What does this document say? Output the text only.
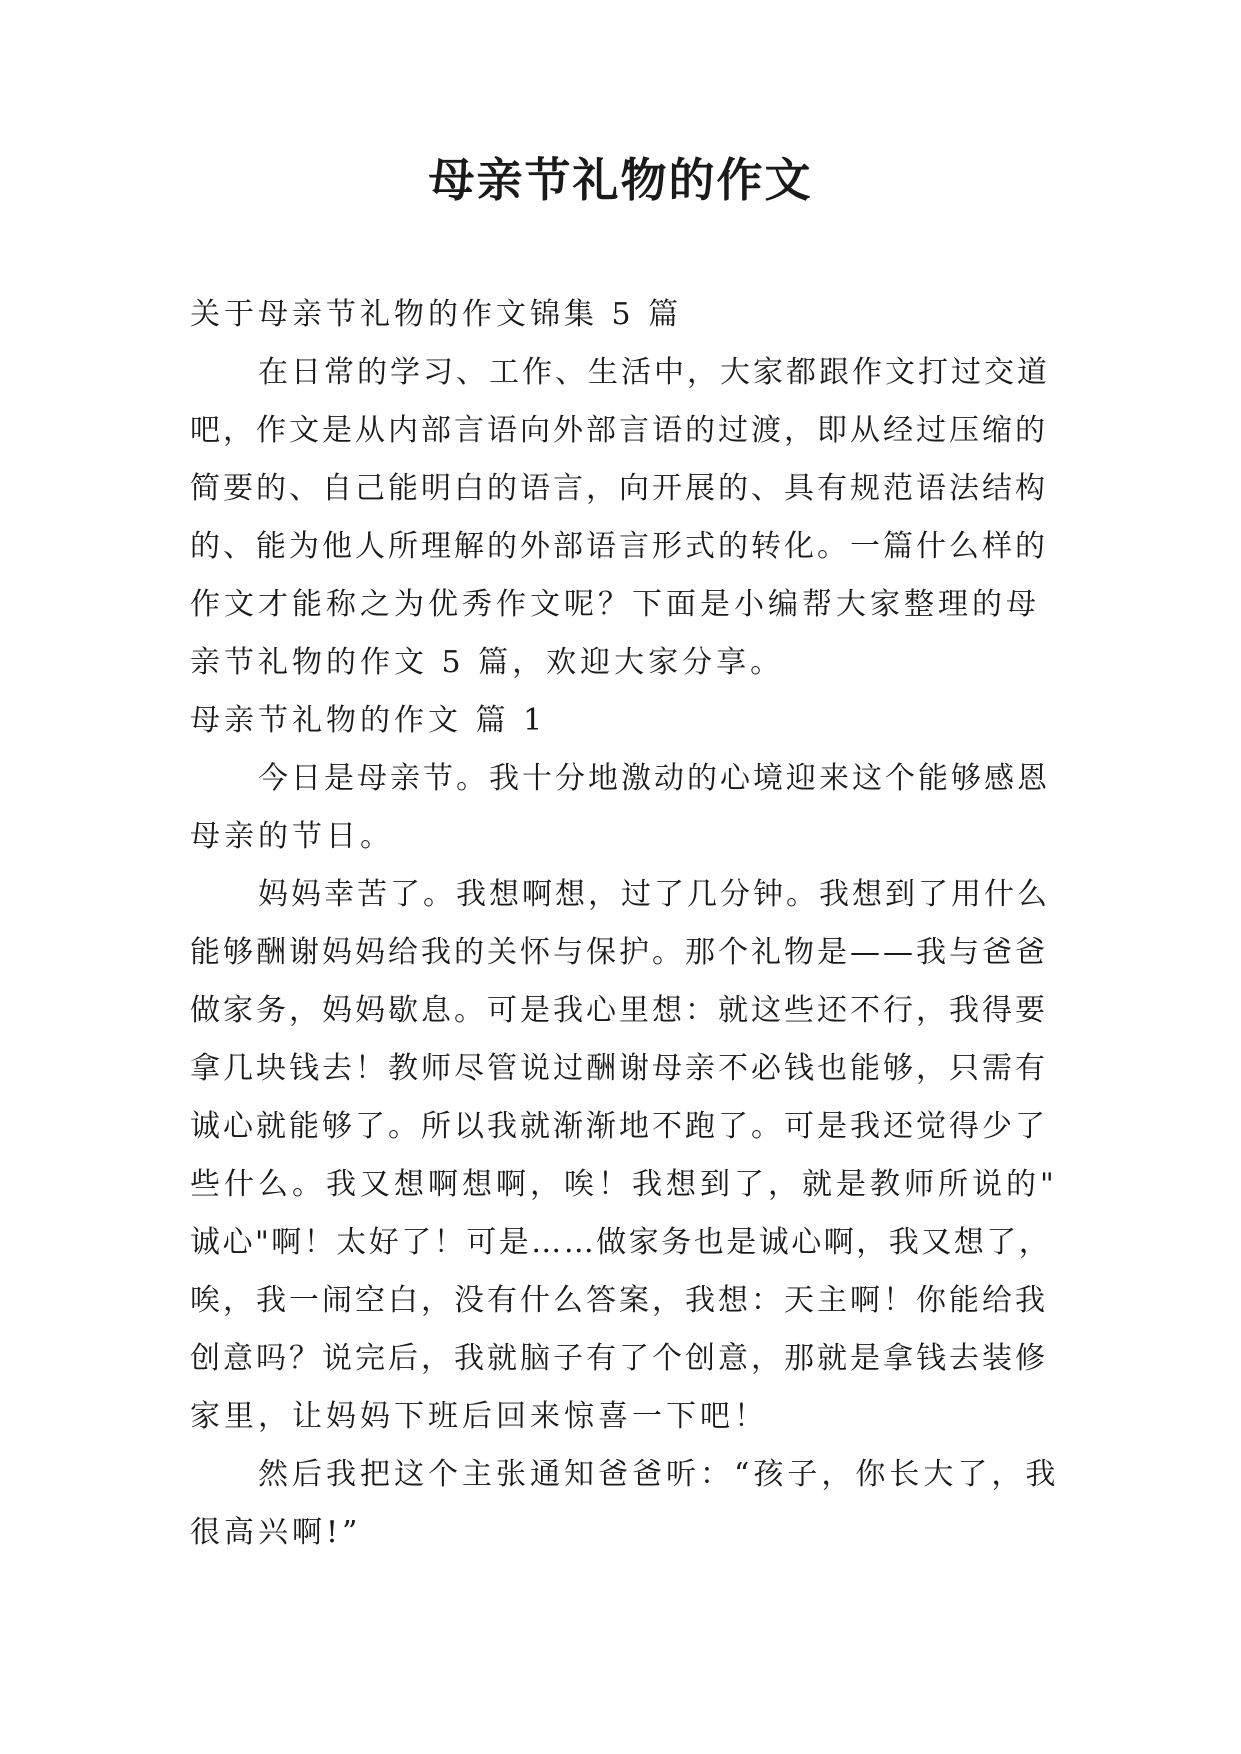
母亲节礼物的作文
关于母亲节礼物的作文锦集 5 篇
在日常的学习、工作、生活中，大家都跟作文打过交道
吧，作文是从内部言语向外部言语的过渡，即从经过压缩的
简要的、自己能明白的语言，向开展的、具有规范语法结构
的、能为他人所理解的外部语言形式的转化。一篇什么样的
作文才能称之为优秀作文呢？下面是小编帮大家整理的母
亲节礼物的作文 5 篇，欢迎大家分享。
母亲节礼物的作文 篇 1
今日是母亲节。我十分地激动的心境迎来这个能够感恩
母亲的节日。
妈妈幸苦了。我想啊想，过了几分钟。我想到了用什么
能够酬谢妈妈给我的关怀与保护。那个礼物是——我与爸爸
做家务，妈妈歇息。可是我心里想：就这些还不行，我得要
拿几块钱去！教师尽管说过酬谢母亲不必钱也能够，只需有
诚心就能够了。所以我就渐渐地不跑了。可是我还觉得少了
些什么。我又想啊想啊，唉！我想到了，就是教师所说的"
诚心"啊！太好了！可是……做家务也是诚心啊，我又想了，
唉，我一闹空白，没有什么答案，我想：天主啊！你能给我
创意吗？说完后，我就脑子有了个创意，那就是拿钱去装修
家里，让妈妈下班后回来惊喜一下吧！
然后我把这个主张通知爸爸听：“孩子，你长大了，我
很高兴啊!”
